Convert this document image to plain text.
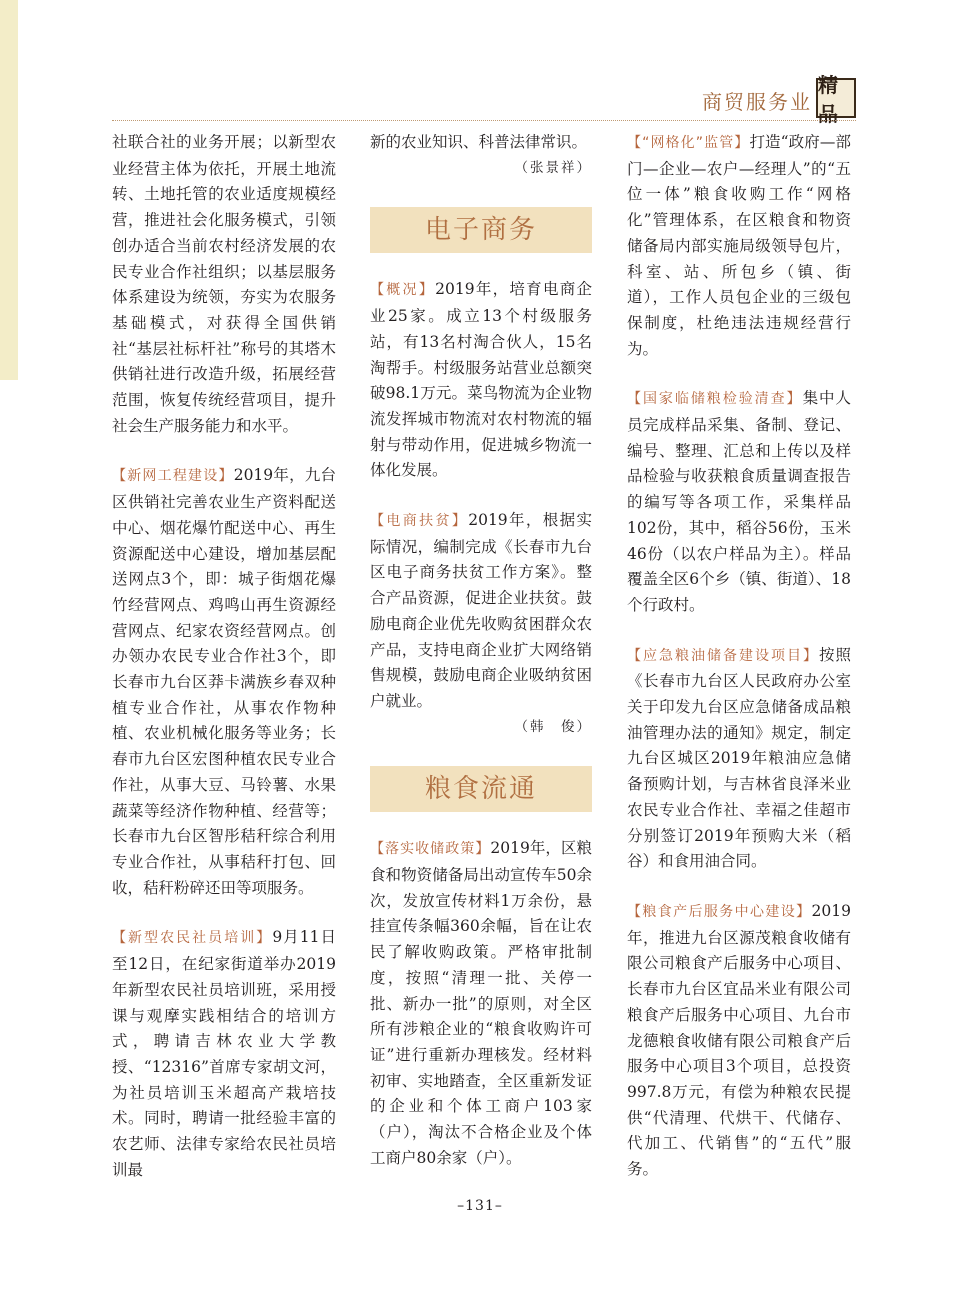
商贸服务业
精品

社联合社的业务开展；以新型农业经营主体为依托，开展土地流转、土地托管的农业适度规模经营，推进社会化服务模式，引领创办适合当前农村经济发展的农民专业合作社组织；以基层服务体系建设为统领，夯实为农服务基础模式，对获得全国供销社“基层社标杆社”称号的其塔木供销社进行改造升级，拓展经营范围，恢复传统经营项目，提升社会生产服务能力和水平。

【新网工程建设】2019年，九台区供销社完善农业生产资料配送中心、烟花爆竹配送中心、再生资源配送中心建设，增加基层配送网点3个，即：城子街烟花爆竹经营网点、鸡鸣山再生资源经营网点、纪家农资经营网点。创办领办农民专业合作社3个，即长春市九台区莽卡满族乡春双种植专业合作社，从事农作物种植、农业机械化服务等业务；长春市九台区宏图种植农民专业合作社，从事大豆、马铃薯、水果蔬菜等经济作物种植、经营等；长春市九台区智彤秸秆综合利用专业合作社，从事秸秆打包、回收，秸秆粉碎还田等项服务。

【新型农民社员培训】9月11日至12日，在纪家街道举办2019年新型农民社员培训班，采用授课与观摩实践相结合的培训方式，聘请吉林农业大学教授、“12316”首席专家胡文河，为社员培训玉米超高产栽培技术。同时，聘请一批经验丰富的农艺师、法律专家给农民社员培训最

新的农业知识、科普法律常识。

（张景祥）

电子商务

【概况】2019年，培育电商企业25家。成立13个村级服务站，有13名村淘合伙人，15名淘帮手。村级服务站营业总额突破98.1万元。菜鸟物流为企业物流发挥城市物流对农村物流的辐射与带动作用，促进城乡物流一体化发展。

【电商扶贫】2019年，根据实际情况，编制完成《长春市九台区电子商务扶贫工作方案》。整合产品资源，促进企业扶贫。鼓励电商企业优先收购贫困群众农产品，支持电商企业扩大网络销售规模，鼓励电商企业吸纳贫困户就业。

（韩　俊）

粮食流通

【落实收储政策】2019年，区粮食和物资储备局出动宣传车50余次，发放宣传材料1万余份，悬挂宣传条幅360余幅，旨在让农民了解收购政策。严格审批制度，按照“清理一批、关停一批、新办一批”的原则，对全区所有涉粮企业的“粮食收购许可证”进行重新办理核发。经材料初审、实地踏查，全区重新发证的企业和个体工商户103家（户），淘汰不合格企业及个体工商户80余家（户）。

【“网格化”监管】打造“政府—部门—企业—农户—经理人”的“五位一体”粮食收购工作“网格化”管理体系，在区粮食和物资储备局内部实施局级领导包片，科室、站、所包乡（镇、街道），工作人员包企业的三级包保制度，杜绝违法违规经营行为。

【国家临储粮检验清查】集中人员完成样品采集、备制、登记、编号、整理、汇总和上传以及样品检验与收获粮食质量调查报告的编写等各项工作，采集样品102份，其中，稻谷56份，玉米46份（以农户样品为主）。样品覆盖全区6个乡（镇、街道）、18个行政村。

【应急粮油储备建设项目】按照《长春市九台区人民政府办公室关于印发九台区应急储备成品粮油管理办法的通知》规定，制定九台区城区2019年粮油应急储备预购计划，与吉林省良泽米业农民专业合作社、幸福之佳超市分别签订2019年预购大米（稻谷）和食用油合同。

【粮食产后服务中心建设】2019年，推进九台区源茂粮食收储有限公司粮食产后服务中心项目、长春市九台区宜品米业有限公司粮食产后服务中心项目、九台市龙德粮食收储有限公司粮食产后服务中心项目3个项目，总投资997.8万元，有偿为种粮农民提供“代清理、代烘干、代储存、代加工、代销售”的“五代”服务。

–131–
